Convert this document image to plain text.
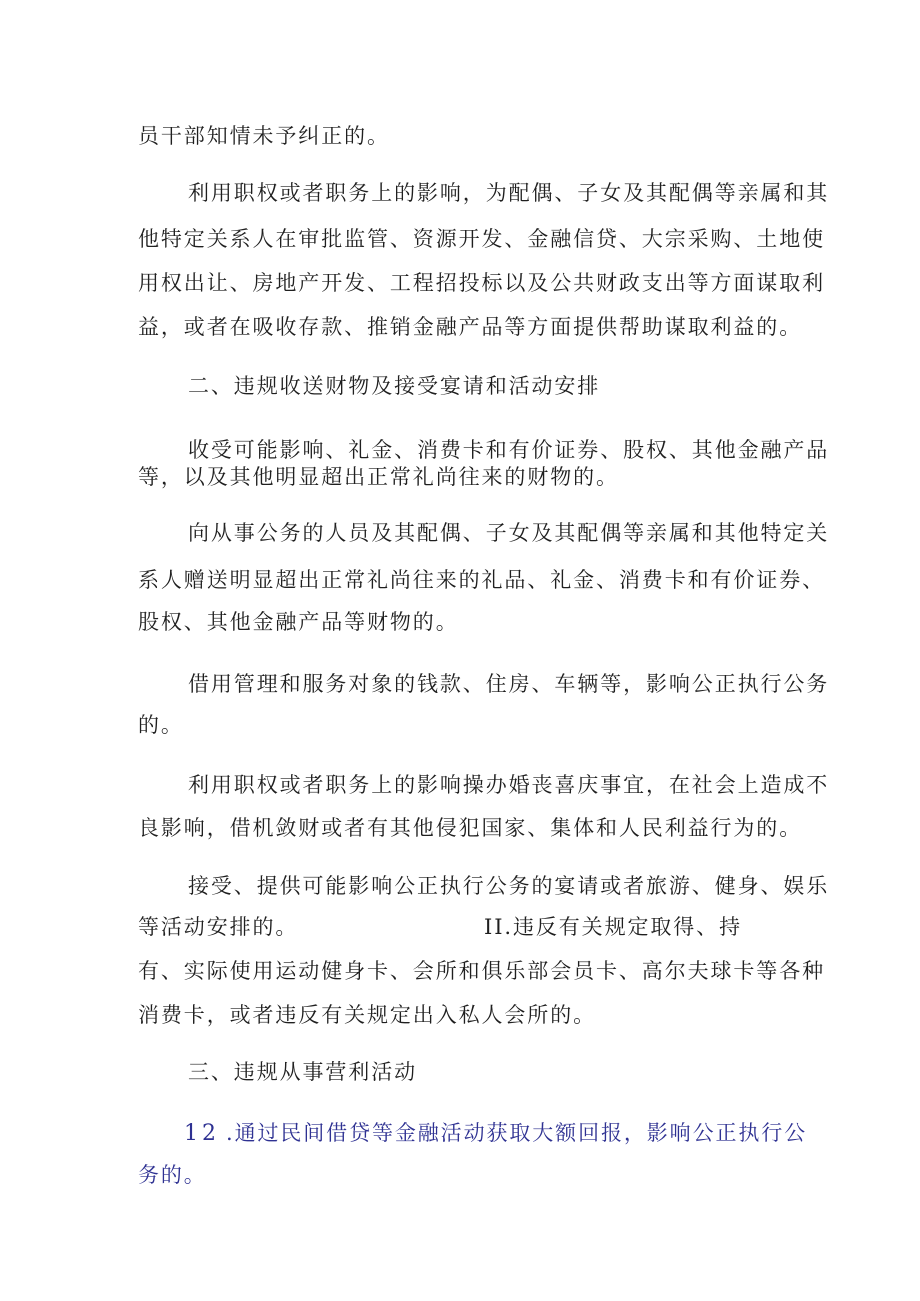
员干部知情未予纠正的。
利用职权或者职务上的影响，为配偶、子女及其配偶等亲属和其
他特定关系人在审批监管、资源开发、金融信贷、大宗采购、土地使
用权出让、房地产开发、工程招投标以及公共财政支出等方面谋取利
益，或者在吸收存款、推销金融产品等方面提供帮助谋取利益的。
二、违规收送财物及接受宴请和活动安排
收受可能影响、礼金、消费卡和有价证券、股权、其他金融产品
等，以及其他明显超出正常礼尚往来的财物的。
向从事公务的人员及其配偶、子女及其配偶等亲属和其他特定关
系人赠送明显超出正常礼尚往来的礼品、礼金、消费卡和有价证券、
股权、其他金融产品等财物的。
借用管理和服务对象的钱款、住房、车辆等，影响公正执行公务
的。
利用职权或者职务上的影响操办婚丧喜庆事宜，在社会上造成不
良影响，借机敛财或者有其他侵犯国家、集体和人民利益行为的。
接受、提供可能影响公正执行公务的宴请或者旅游、健身、娱乐
等活动安排的。	II.违反有关规定取得、持
有、实际使用运动健身卡、会所和俱乐部会员卡、高尔夫球卡等各种
消费卡，或者违反有关规定出入私人会所的。
三、违规从事营利活动
12 .通过民间借贷等金融活动获取大额回报，影响公正执行公
务的。
